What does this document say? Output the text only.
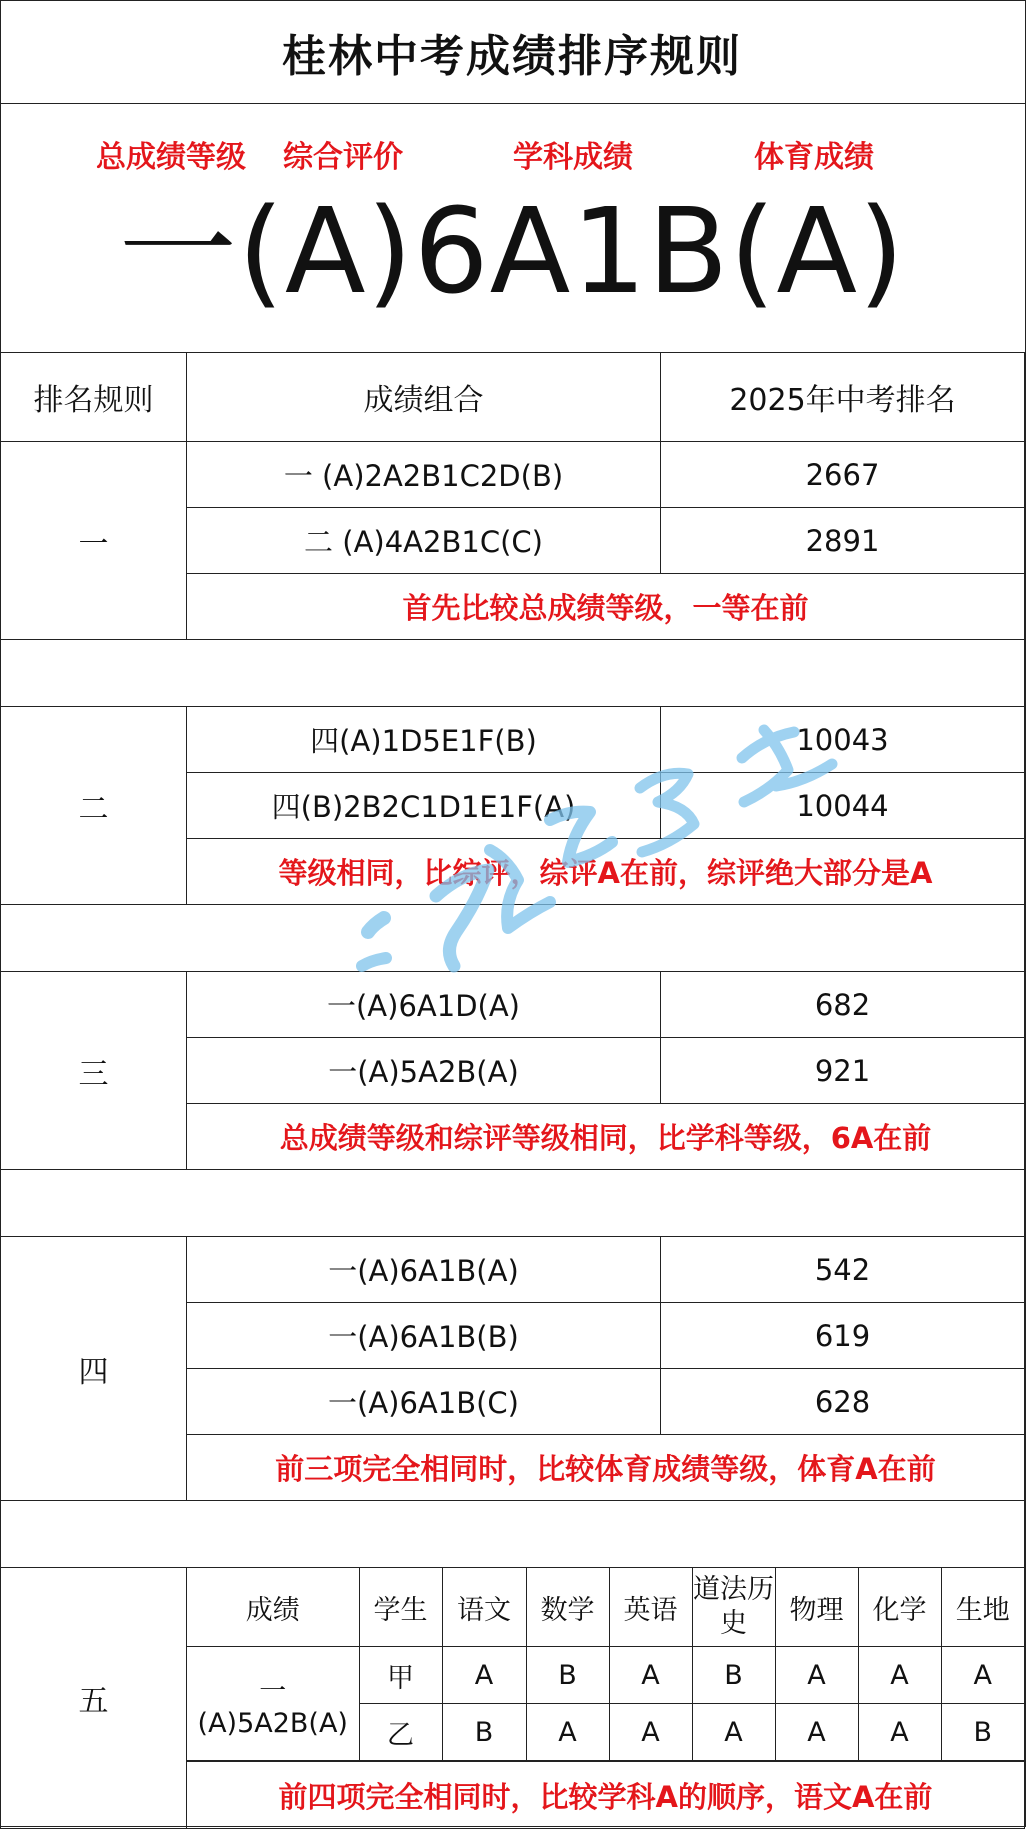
桂林中考成绩排序规则
总成绩等级 综合评价	学科成绩	体育成绩
一(A)6A1B(A)
排名规则	成绩组合	2025年中考排名
一	一 (A)2A2B1C2D(B)	2667
二 (A)4A2B1C(C)	2891
首先比较总成绩等级，一等在前

二	四(A)1D5E1F(B)	10043
四(B)2B2C1D1E1F(A)	10044
等级相同，比综评，综评A在前，综评绝大部分是A

三	一(A)6A1D(A)	682
一(A)5A2B(A)	921
总成绩等级和综评等级相同，比学科等级，6A在前

四	一(A)6A1B(A)	542
一(A)6A1B(B)	619
一(A)6A1B(C)	628
前三项完全相同时，比较体育成绩等级，体育A在前

五	
成绩	学生	语文	数学	英语	道法历史	物理	化学	生地
一(A)5A2B(A)	甲	A	B	A	B	A	A	A
乙	B	A	A	A	A	A	B

前四项完全相同时，比较学科A的顺序，语文A在前
